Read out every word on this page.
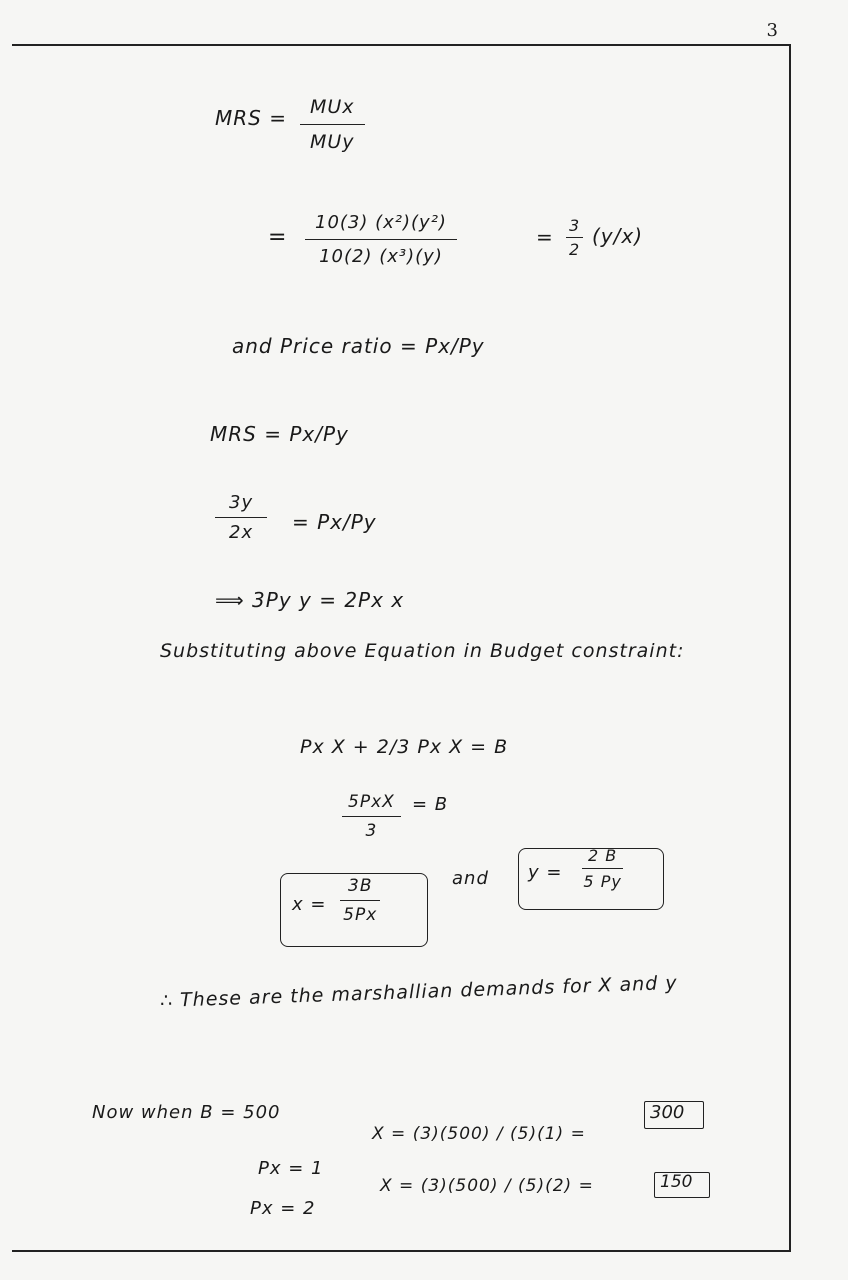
3
MRS = $\frac{\text{MUx}}{\text{MUy}}$
= $\frac{\text{10(3) (x²)(y²)}}{\text{10(2) (x³)(y)}}$	= $\frac{3}{2} (y/x)$
and Price ratio = Px/Py
MRS = Px/Py
$\frac{3y}{2x} = Px/Py$
⟹ 3Py y = 2Px x
Substituting above Equation in Budget constraint:
Px X + 2/3 Px X = B
$\frac{\text{5PxX}}{3} = B$
$x = \frac{3B}{5Px}$	and $y = \frac{2 B}{5 Py}$
∴ These are the marshallian demands for X and y
Now when B = 500
Px = 1
X = (3)(500) / (5)(1) =
300
Px = 2
X = (3)(500) / (5)(2) =	150
